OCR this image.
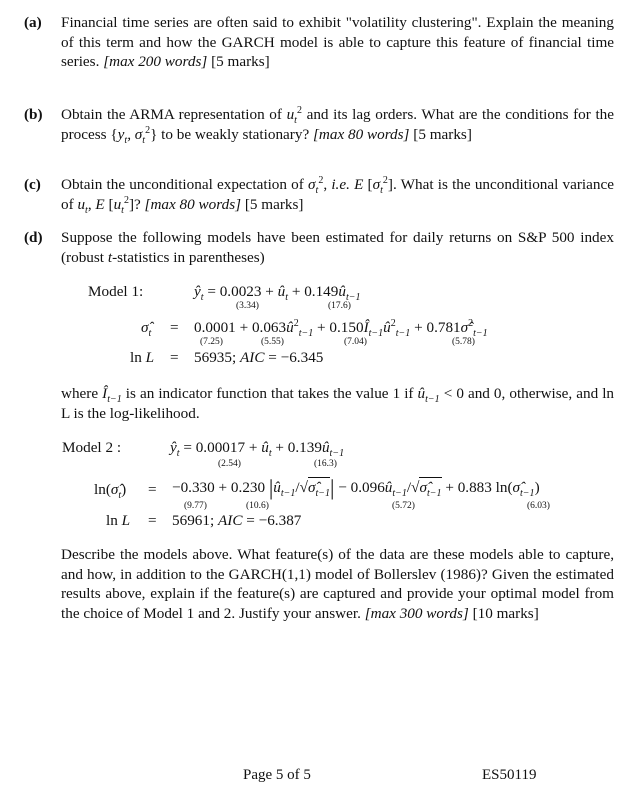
(a) Financial time series are often said to exhibit "volatility clustering". Explain the meaning of this term and how the GARCH model is able to capture this feature of financial time series. [max 200 words] [5 marks]
(b) Obtain the ARMA representation of $u_t^2$ and its lag orders. What are the conditions for the process {$y_t$, $\sigma_t^2$} to be weakly stationary? [max 80 words] [5 marks]
(c) Obtain the unconditional expectation of $\sigma_t^2$, i.e. E $[\sigma_t^2]$. What is the unconditional variance of $u_t$, E $[u_t^2]$? [max 80 words] [5 marks]
(d) Suppose the following models have been estimated for daily returns on S&P 500 index (robust t-statistics in parentheses)
Model 1:	$ŷ_t = 0.0023$ + $û_t$ + $0.149û_{t-1}$
(3.34)	(17.6)
$\sigmâ_t = 0.0001$ + $0.063û^2_{t-1}$ + $0.150Î_{t-1}û^2_{t-1}$ + 0.781σ̂$^2_{t-1}$
(7.25)	(5.55)	(7.04)	(5.78)
ln L = 56935; AIC = −6.345
where $Î_{t-1}$ is an indicator function that takes the value 1 if $û_{t-1} < 0$ and 0, otherwise, and ln L is the log-likelihood.
Model 2 :	$ŷ_t = 0.00017$ + $û_t$ + $0.139û_{t-1}$
(2.54)	(16.3)
$\ln(\sigmâ_t) = -0.330 + 0.230$ $|û_{t-1}/√\sigmâ_{t-1}|$ − $0.096û_{t-1}/√\sigmâ_{t-1} + 0.883$ $\ln(\sigmâ_{t-1})$
(9.77)	(10.6)	(5.72)	(6.03)
ln L = 56961; AIC = −6.387
Describe the models above. What feature(s) of the data are these models able to capture, and how, in addition to the GARCH(1,1) model of Bollerslev (1986)? Given the estimated results above, explain if the feature(s) are captured and provide your optimal model from the choice of Model 1 and 2. Justify your answer. [max 300 words] [10 marks]
Page 5 of 5	ES50119
